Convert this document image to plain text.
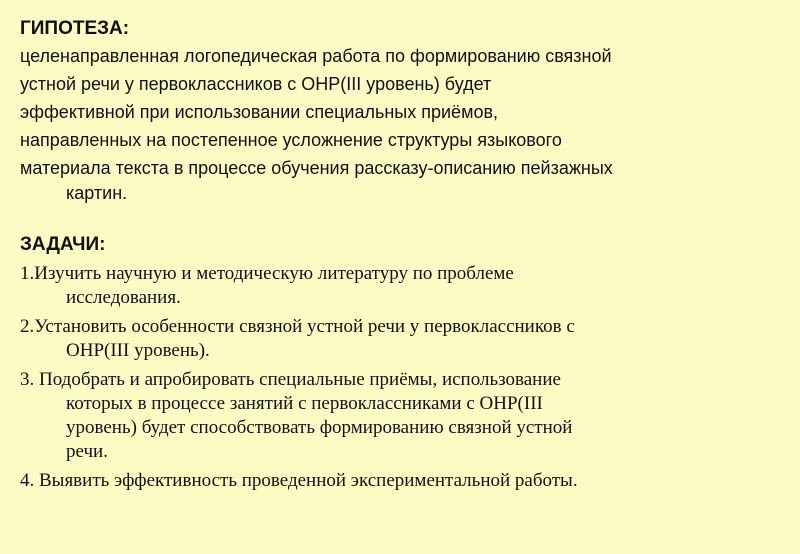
ГИПОТЕЗА:
целенаправленная логопедическая работа по формированию связной
устной речи у первоклассников с ОНР(III уровень) будет
эффективной при использовании специальных приёмов,
направленных на постепенное усложнение структуры языкового
материала текста в процессе обучения рассказу-описанию пейзажных
картин.
ЗАДАЧИ:
1.Изучить научную и методическую литературу по проблеме
исследования.
2.Установить особенности связной устной речи у первоклассников с
ОНР(III уровень).
3. Подобрать и апробировать специальные приёмы, использование
которых в процессе занятий с первоклассниками с ОНР(III
уровень) будет способствовать формированию связной устной
речи.
4. Выявить эффективность проведенной экспериментальной работы.
